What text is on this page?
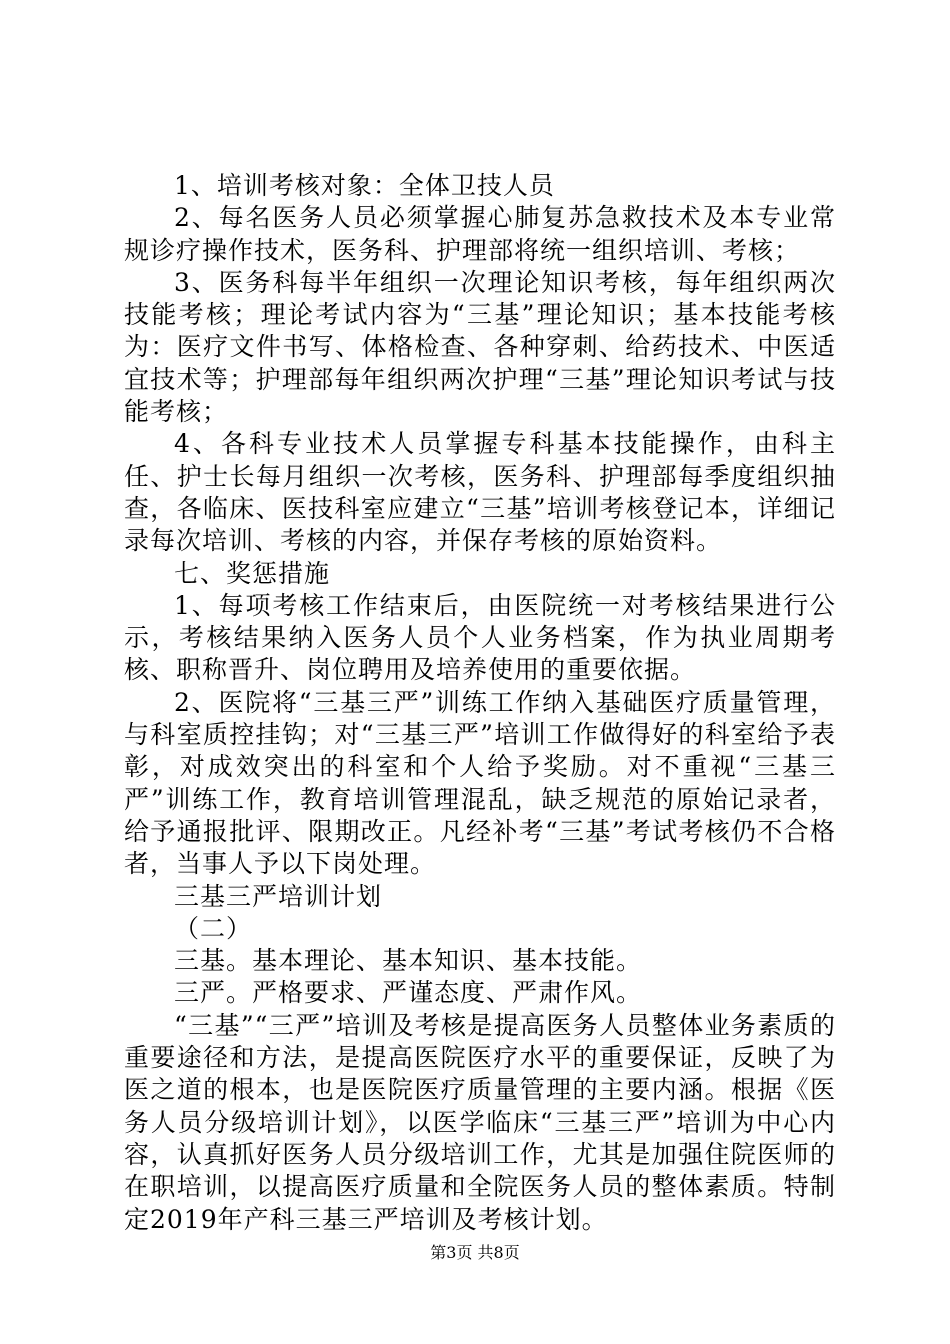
1、培训考核对象：全体卫技人员

2、每名医务人员必须掌握心肺复苏急救技术及本专业常规诊疗操作技术，医务科、护理部将统一组织培训、考核；

3、医务科每半年组织一次理论知识考核，每年组织两次技能考核；理论考试内容为“三基”理论知识；基本技能考核为：医疗文件书写、体格检查、各种穿刺、给药技术、中医适宜技术等；护理部每年组织两次护理“三基”理论知识考试与技能考核；

4、各科专业技术人员掌握专科基本技能操作，由科主任、护士长每月组织一次考核，医务科、护理部每季度组织抽查，各临床、医技科室应建立“三基”培训考核登记本，详细记录每次培训、考核的内容，并保存考核的原始资料。

七、奖惩措施

1、每项考核工作结束后，由医院统一对考核结果进行公示，考核结果纳入医务人员个人业务档案，作为执业周期考核、职称晋升、岗位聘用及培养使用的重要依据。

2、医院将“三基三严”训练工作纳入基础医疗质量管理，与科室质控挂钩；对“三基三严”培训工作做得好的科室给予表彰，对成效突出的科室和个人给予奖励。对不重视“三基三严”训练工作，教育培训管理混乱，缺乏规范的原始记录者，给予通报批评、限期改正。凡经补考“三基”考试考核仍不合格者，当事人予以下岗处理。

三基三严培训计划

（二）

三基。基本理论、基本知识、基本技能。

三严。严格要求、严谨态度、严肃作风。

“三基”“三严”培训及考核是提高医务人员整体业务素质的重要途径和方法，是提高医院医疗水平的重要保证，反映了为医之道的根本，也是医院医疗质量管理的主要内涵。根据《医务人员分级培训计划》，以医学临床“三基三严”培训为中心内容，认真抓好医务人员分级培训工作，尤其是加强住院医师的在职培训，以提高医疗质量和全院医务人员的整体素质。特制定2019年产科三基三严培训及考核计划。

第3页 共8页
